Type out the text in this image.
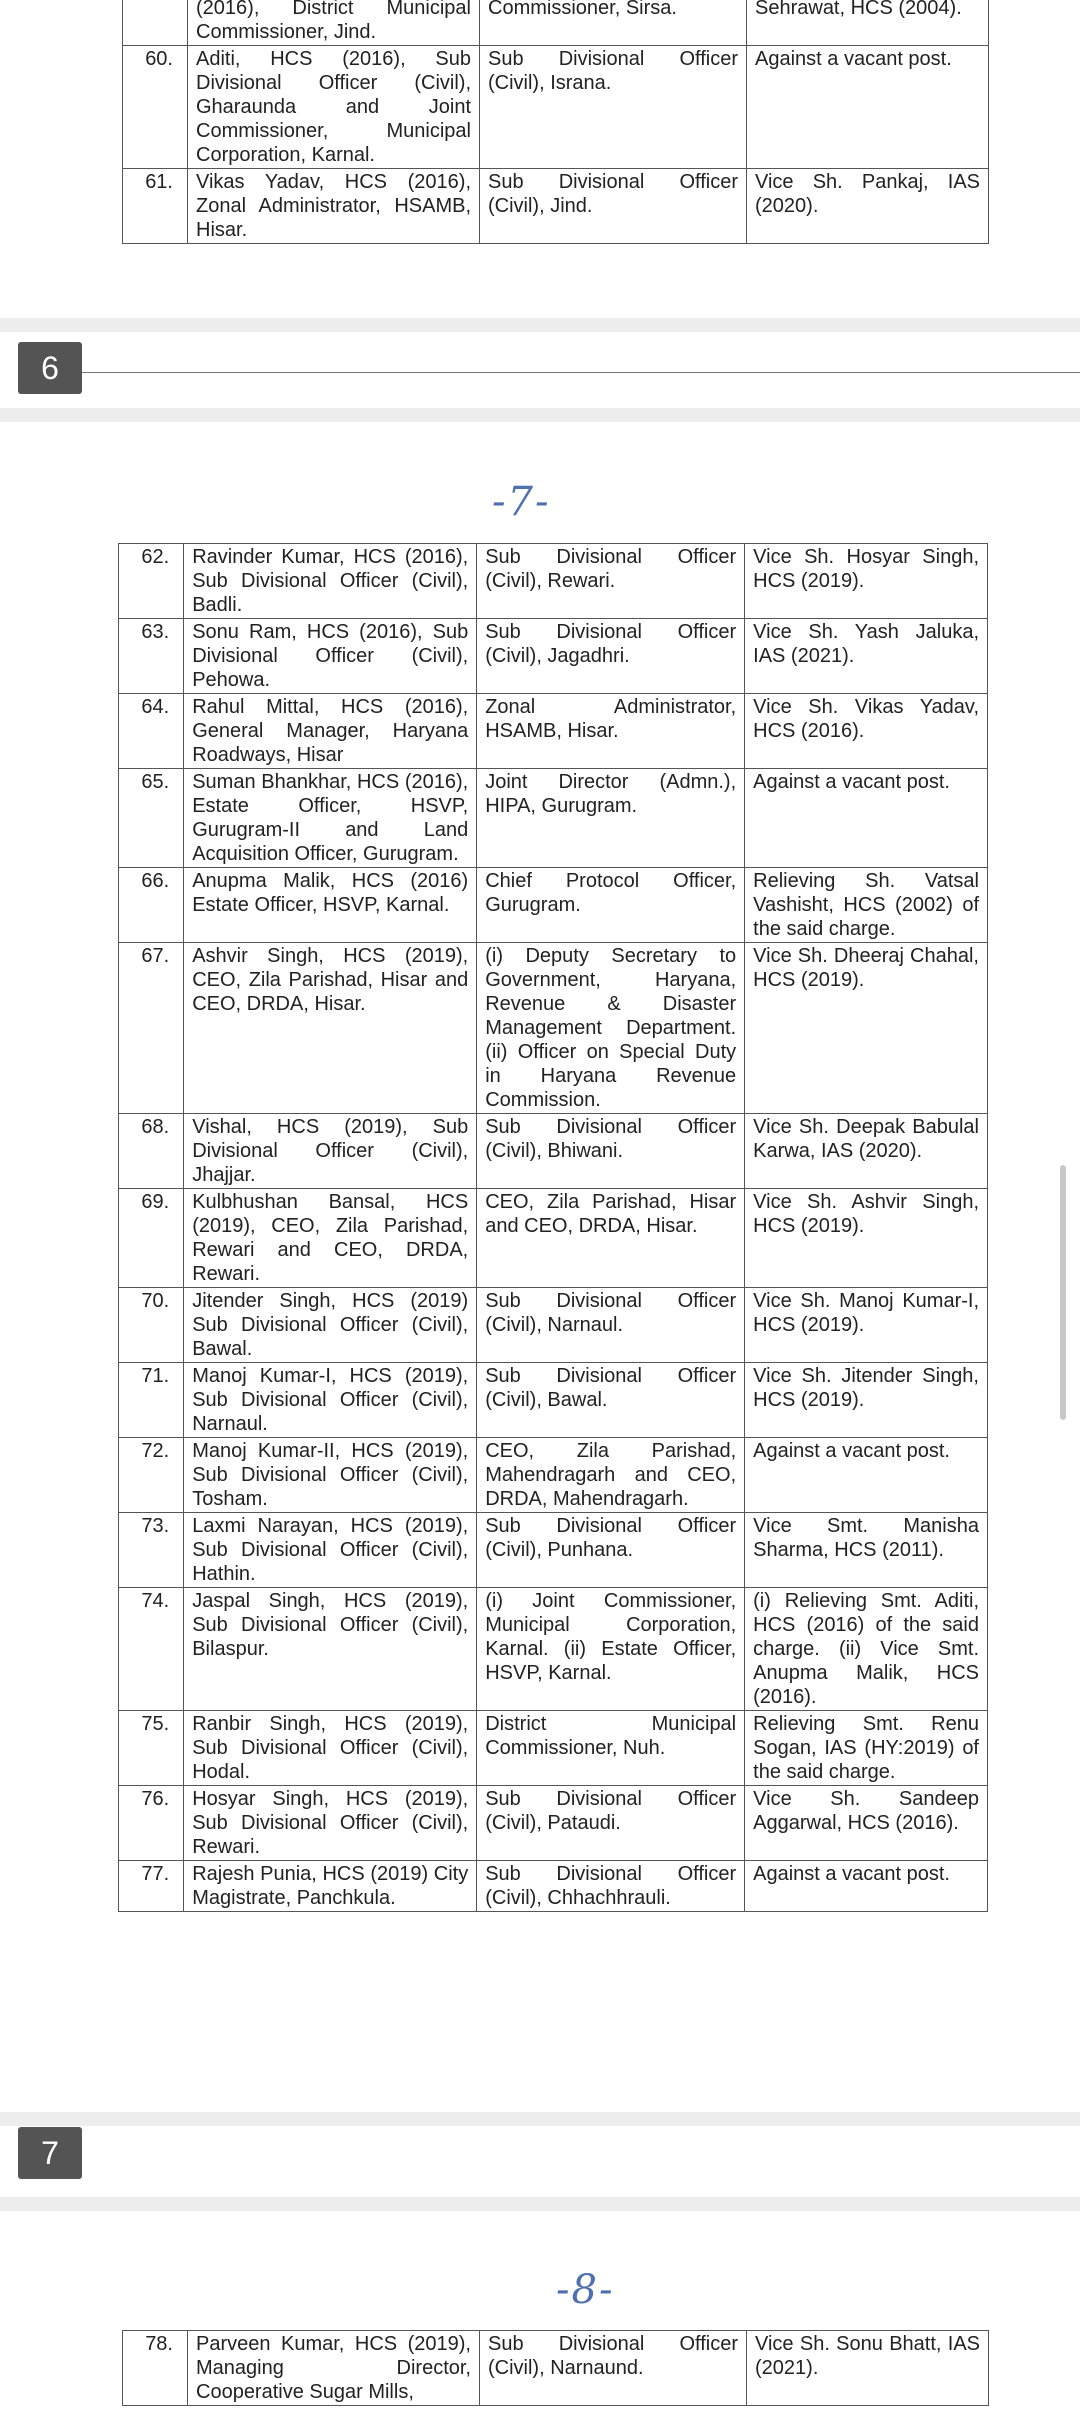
	(2016), District Municipal Commissioner, Jind.	Commissioner, Sirsa.	Sehrawat, HCS (2004).
60.	Aditi, HCS (2016), Sub Divisional Officer (Civil), Gharaunda and Joint Commissioner, Municipal Corporation, Karnal.	Sub Divisional Officer (Civil), Israna.	Against a vacant post.
61.	Vikas Yadav, HCS (2016), Zonal Administrator, HSAMB, Hisar.	Sub Divisional Officer (Civil), Jind.	Vice Sh. Pankaj, IAS (2020).
6
-7-
62.	Ravinder Kumar, HCS (2016), Sub Divisional Officer (Civil), Badli.	Sub Divisional Officer (Civil), Rewari.	Vice Sh. Hosyar Singh, HCS (2019).
63.	Sonu Ram, HCS (2016), Sub Divisional Officer (Civil), Pehowa.	Sub Divisional Officer (Civil), Jagadhri.	Vice Sh. Yash Jaluka, IAS (2021).
64.	Rahul Mittal, HCS (2016), General Manager, Haryana Roadways, Hisar	Zonal Administrator, HSAMB, Hisar.	Vice Sh. Vikas Yadav, HCS (2016).
65.	Suman Bhankhar, HCS (2016), Estate Officer, HSVP, Gurugram-II and Land Acquisition Officer, Gurugram.	Joint Director (Admn.), HIPA, Gurugram.	Against a vacant post.
66.	Anupma Malik, HCS (2016) Estate Officer, HSVP, Karnal.	Chief Protocol Officer, Gurugram.	Relieving Sh. Vatsal Vashisht, HCS (2002) of the said charge.
67.	Ashvir Singh, HCS (2019), CEO, Zila Parishad, Hisar and CEO, DRDA, Hisar.	(i) Deputy Secretary to Government, Haryana, Revenue & Disaster Management Department. (ii) Officer on Special Duty in Haryana Revenue Commission.	Vice Sh. Dheeraj Chahal, HCS (2019).
68.	Vishal, HCS (2019), Sub Divisional Officer (Civil), Jhajjar.	Sub Divisional Officer (Civil), Bhiwani.	Vice Sh. Deepak Babulal Karwa, IAS (2020).
69.	Kulbhushan Bansal, HCS (2019), CEO, Zila Parishad, Rewari and CEO, DRDA, Rewari.	CEO, Zila Parishad, Hisar and CEO, DRDA, Hisar.	Vice Sh. Ashvir Singh, HCS (2019).
70.	Jitender Singh, HCS (2019) Sub Divisional Officer (Civil), Bawal.	Sub Divisional Officer (Civil), Narnaul.	Vice Sh. Manoj Kumar-I, HCS (2019).
71.	Manoj Kumar-I, HCS (2019), Sub Divisional Officer (Civil), Narnaul.	Sub Divisional Officer (Civil), Bawal.	Vice Sh. Jitender Singh, HCS (2019).
72.	Manoj Kumar-II, HCS (2019), Sub Divisional Officer (Civil), Tosham.	CEO, Zila Parishad, Mahendragarh and CEO, DRDA, Mahendragarh.	Against a vacant post.
73.	Laxmi Narayan, HCS (2019), Sub Divisional Officer (Civil), Hathin.	Sub Divisional Officer (Civil), Punhana.	Vice Smt. Manisha Sharma, HCS (2011).
74.	Jaspal Singh, HCS (2019), Sub Divisional Officer (Civil), Bilaspur.	(i) Joint Commissioner, Municipal Corporation, Karnal. (ii) Estate Officer, HSVP, Karnal.	(i) Relieving Smt. Aditi, HCS (2016) of the said charge. (ii) Vice Smt. Anupma Malik, HCS (2016).
75.	Ranbir Singh, HCS (2019), Sub Divisional Officer (Civil), Hodal.	District Municipal Commissioner, Nuh.	Relieving Smt. Renu Sogan, IAS (HY:2019) of the said charge.
76.	Hosyar Singh, HCS (2019), Sub Divisional Officer (Civil), Rewari.	Sub Divisional Officer (Civil), Pataudi.	Vice Sh. Sandeep Aggarwal, HCS (2016).
77.	Rajesh Punia, HCS (2019) City Magistrate, Panchkula.	Sub Divisional Officer (Civil), Chhachhrauli.	Against a vacant post.
7
-8-
78.	Parveen Kumar, HCS (2019), Managing Director, Cooperative Sugar Mills,	Sub Divisional Officer (Civil), Narnaund.	Vice Sh. Sonu Bhatt, IAS (2021).
